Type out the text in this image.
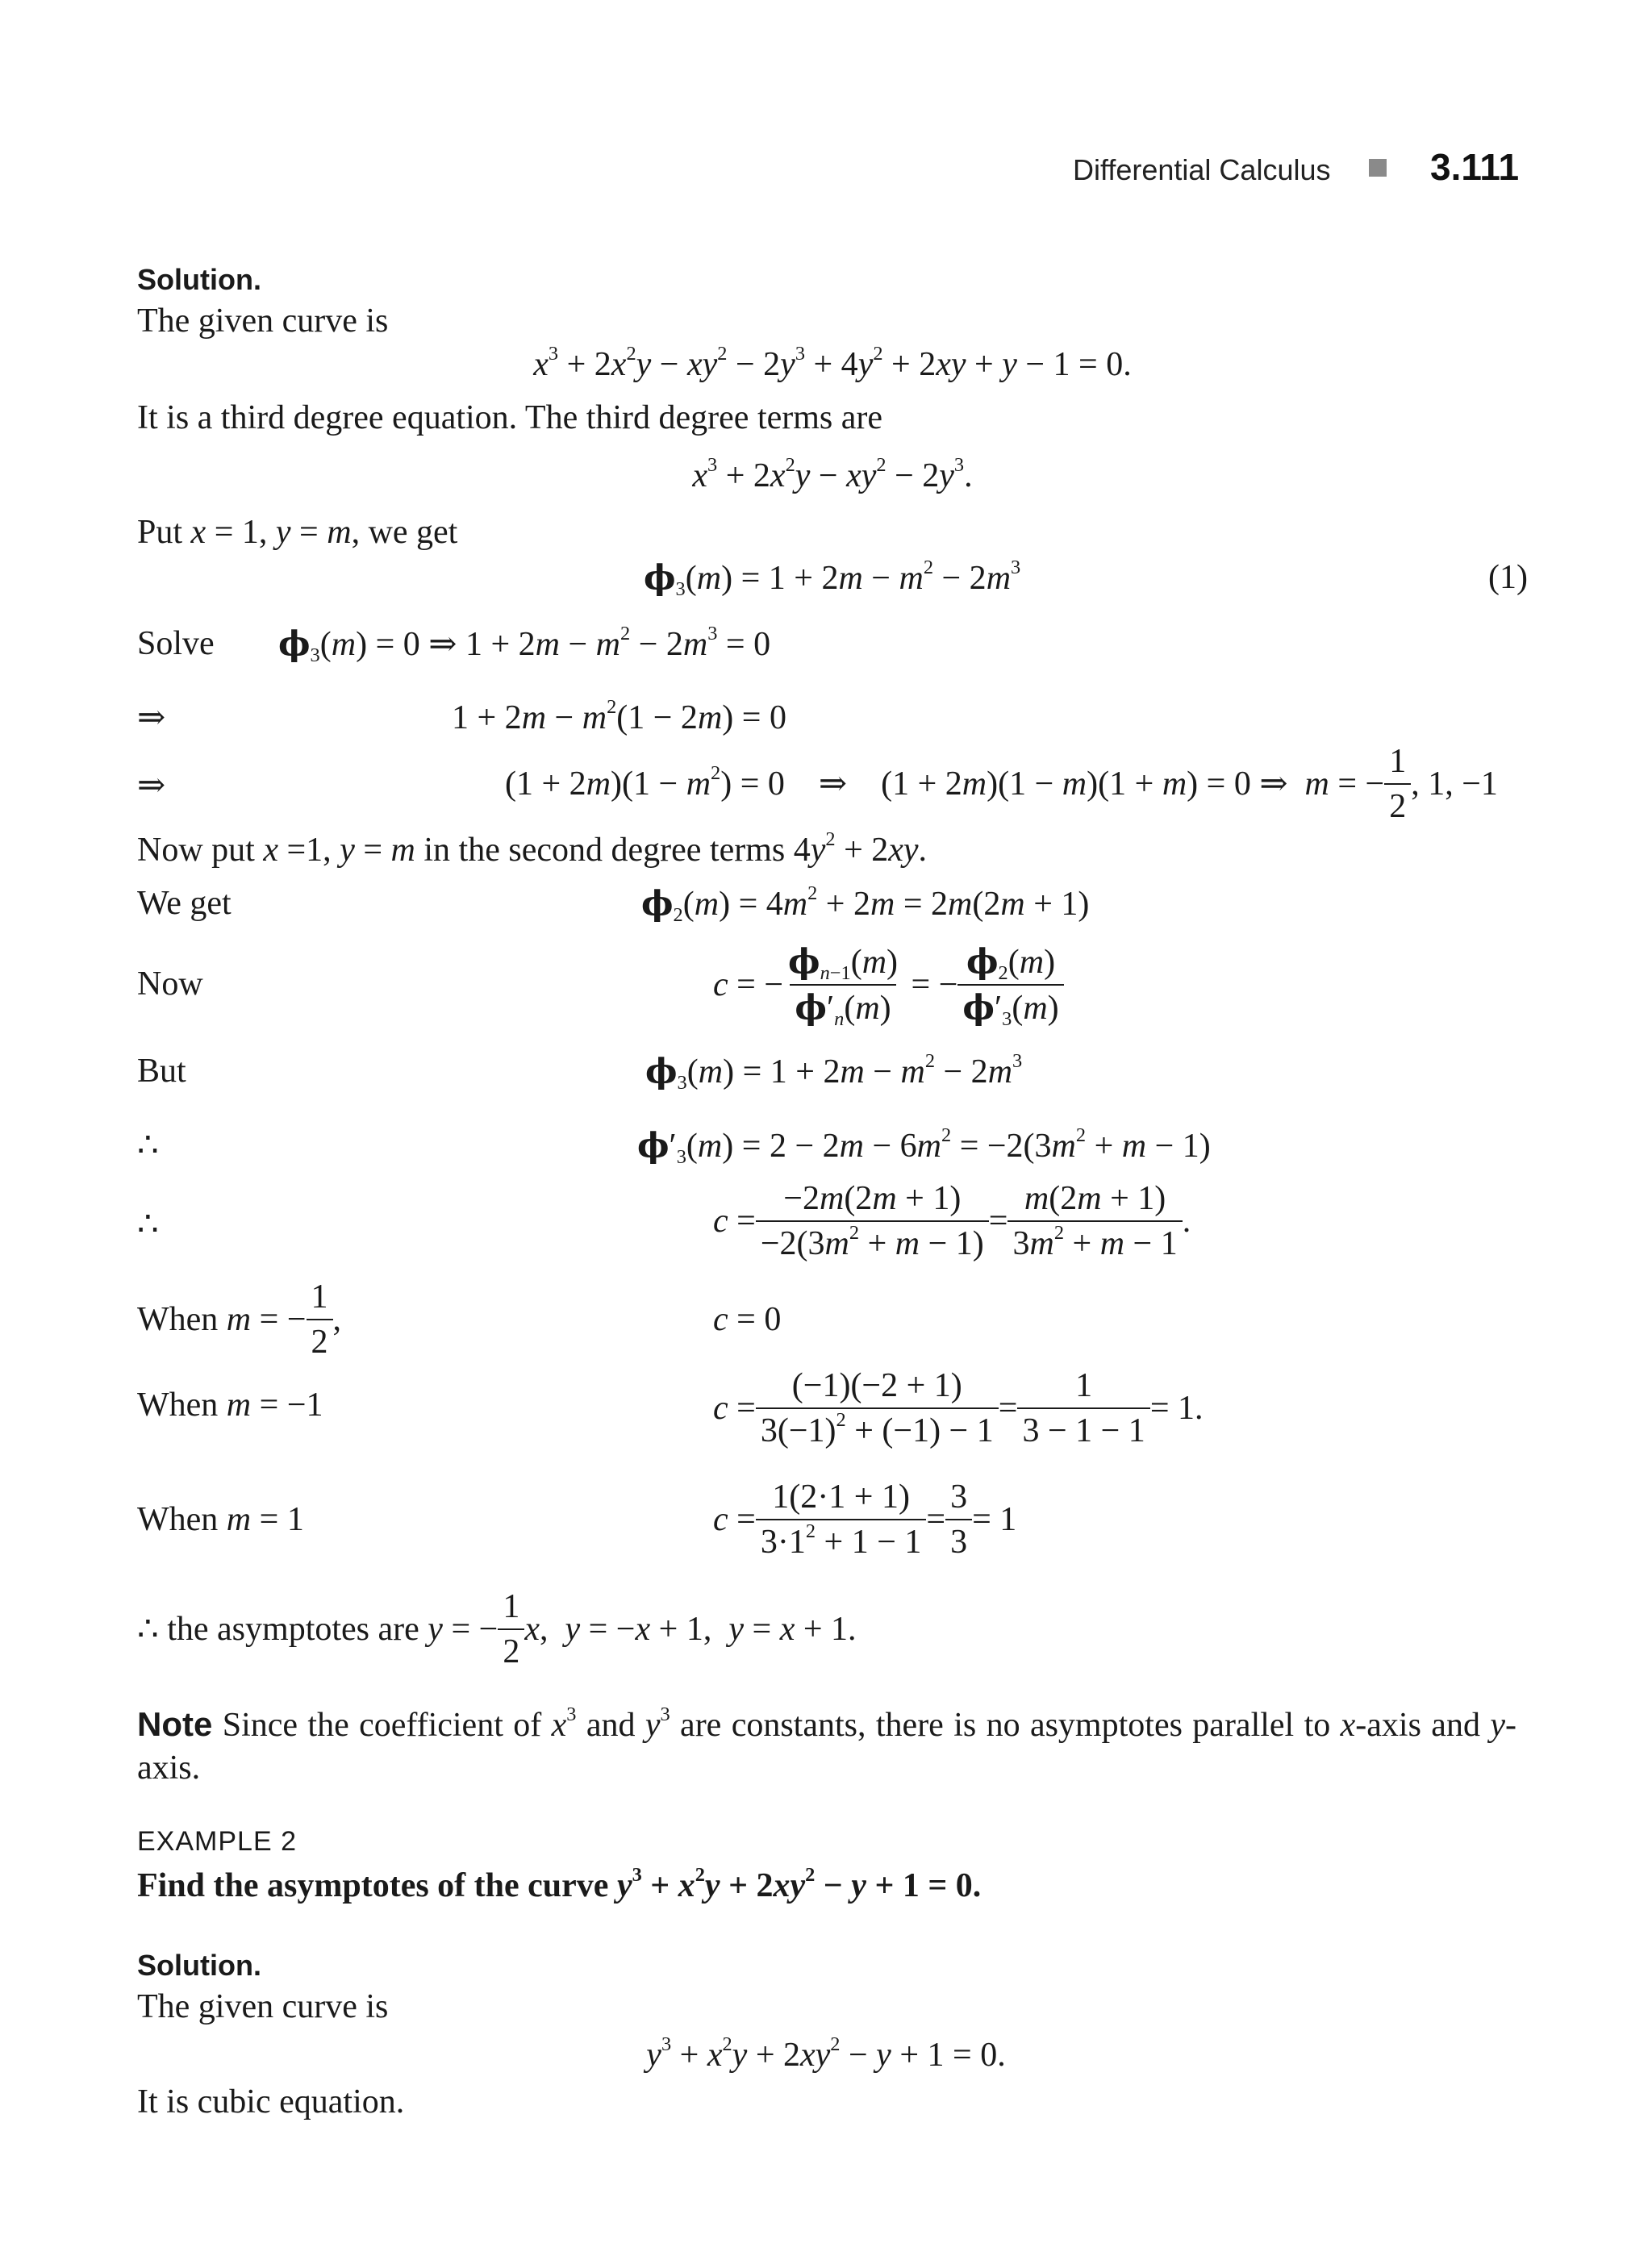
Differential Calculus	3.111
Solution.
The given curve is
$x^3 + 2x^2y - xy^2 - 2y^3 + 4y^2 + 2xy + y - 1 = 0$.
It is a third degree equation. The third degree terms are
$x^3 + 2x^2y - xy^2 - 2y^3$.
Put x = 1, y = m, we get
$\phi_3(m) = 1 + 2m - m^2 - 2m^3$	(1)
Solve $\phi_3(m) = 0$ ⇒ $1 + 2m - m^2 - 2m^3 = 0$
⇒	$1 + 2m - m^2(1 - 2m) = 0$
⇒	$(1 + 2m)(1 - m^2) = 0$    ⇒    (1 + 2m)(1 − m)(1 + m) = 0 ⇒  m = − $\frac{1}{2}$ , 1, −1
Now put x =1, y = m in the second degree terms $4y^2 + 2xy$.
We get	$\phi_2(m) = 4m^2 + 2m = 2m(2m + 1)$
Now	c = − $\frac{\phi_{n-1}(m)}{\phi'_n(m)}$ = − $\frac{\phi_2(m)}{\phi'_3(m)}$
But	$\phi_3(m) = 1 + 2m - m^2 - 2m^3$
∴	$\phi'_3(m) = 2 - 2m - 6m^2 = -2(3m^2 + m - 1)$
∴	$c = \frac{-2m(2m + 1)}{-2(3m^2 + m - 1)} = \frac{m(2m + 1)}{3m^2 + m - 1}$ .
When m = − $\frac{1}{2}$ ,	c = 0
When m = −1	$c = \frac{(-1)(-2 + 1)}{3(-1)^2 + (-1) - 1} = \frac{1}{3 - 1 - 1} = 1$.
When m = 1	$c = \frac{1(2\cdot 1 + 1)}{3\cdot 1^2 + 1 - 1} = \frac{3}{3} = 1$
∴ the asymptotes are y = − $\frac{1}{2} x$,  y = −x + 1,  y = x + 1.
Note Since the coefficient of $x^3$ and $y^3$ are constants, there is no asymptotes parallel to x-axis and y-axis.
EXAMPLE 2
Find the asymptotes of the curve $y^3 + x^2y + 2xy^2 - y + 1 = 0$.
Solution.
The given curve is
$y^3 + x^2y + 2xy^2 - y + 1 = 0$.
It is cubic equation.
